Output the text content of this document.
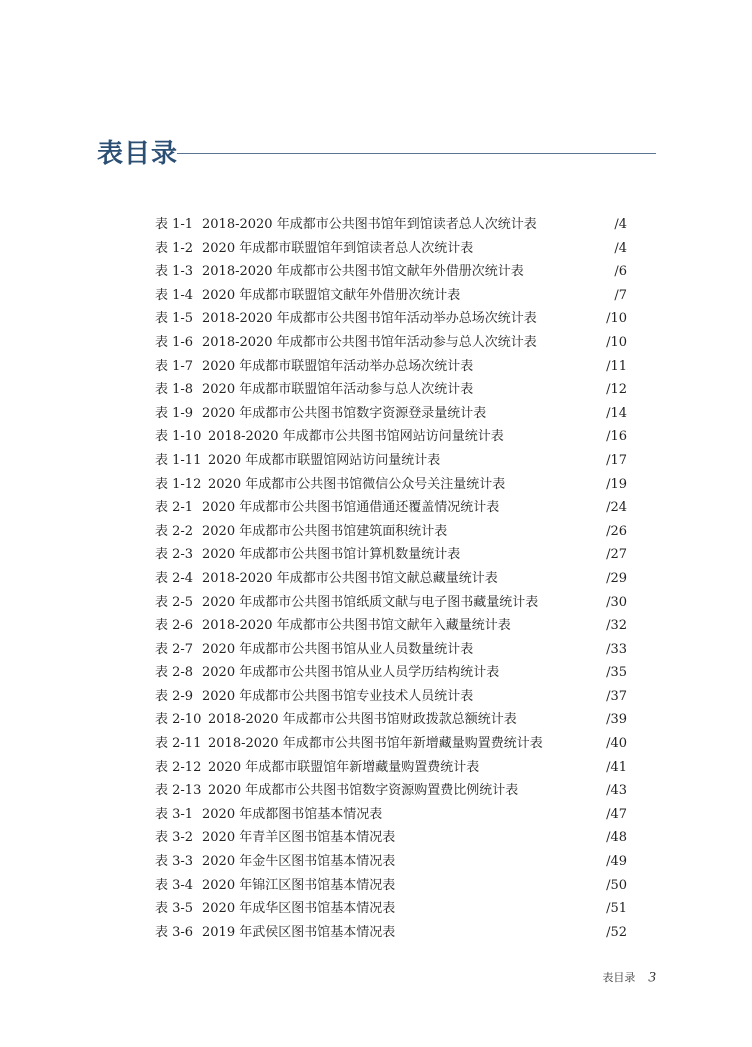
表目录
表 1-1 2018-2020 年成都市公共图书馆年到馆读者总人次统计表	/4
表 1-2 2020 年成都市联盟馆年到馆读者总人次统计表	/4
表 1-3 2018-2020 年成都市公共图书馆文献年外借册次统计表	/6
表 1-4 2020 年成都市联盟馆文献年外借册次统计表	/7
表 1-5 2018-2020 年成都市公共图书馆年活动举办总场次统计表	/10
表 1-6 2018-2020 年成都市公共图书馆年活动参与总人次统计表	/10
表 1-7 2020 年成都市联盟馆年活动举办总场次统计表	/11
表 1-8 2020 年成都市联盟馆年活动参与总人次统计表	/12
表 1-9 2020 年成都市公共图书馆数字资源登录量统计表	/14
表 1-10 2018-2020 年成都市公共图书馆网站访问量统计表	/16
表 1-11 2020 年成都市联盟馆网站访问量统计表	/17
表 1-12 2020 年成都市公共图书馆微信公众号关注量统计表	/19
表 2-1 2020 年成都市公共图书馆通借通还覆盖情况统计表	/24
表 2-2 2020 年成都市公共图书馆建筑面积统计表	/26
表 2-3 2020 年成都市公共图书馆计算机数量统计表	/27
表 2-4 2018-2020 年成都市公共图书馆文献总藏量统计表	/29
表 2-5 2020 年成都市公共图书馆纸质文献与电子图书藏量统计表	/30
表 2-6 2018-2020 年成都市公共图书馆文献年入藏量统计表	/32
表 2-7 2020 年成都市公共图书馆从业人员数量统计表	/33
表 2-8 2020 年成都市公共图书馆从业人员学历结构统计表	/35
表 2-9 2020 年成都市公共图书馆专业技术人员统计表	/37
表 2-10 2018-2020 年成都市公共图书馆财政拨款总额统计表	/39
表 2-11 2018-2020 年成都市公共图书馆年新增藏量购置费统计表	/40
表 2-12 2020 年成都市联盟馆年新增藏量购置费统计表	/41
表 2-13 2020 年成都市公共图书馆数字资源购置费比例统计表	/43
表 3-1 2020 年成都图书馆基本情况表	/47
表 3-2 2020 年青羊区图书馆基本情况表	/48
表 3-3 2020 年金牛区图书馆基本情况表	/49
表 3-4 2020 年锦江区图书馆基本情况表	/50
表 3-5 2020 年成华区图书馆基本情况表	/51
表 3-6 2019 年武侯区图书馆基本情况表	/52
表目录 3
